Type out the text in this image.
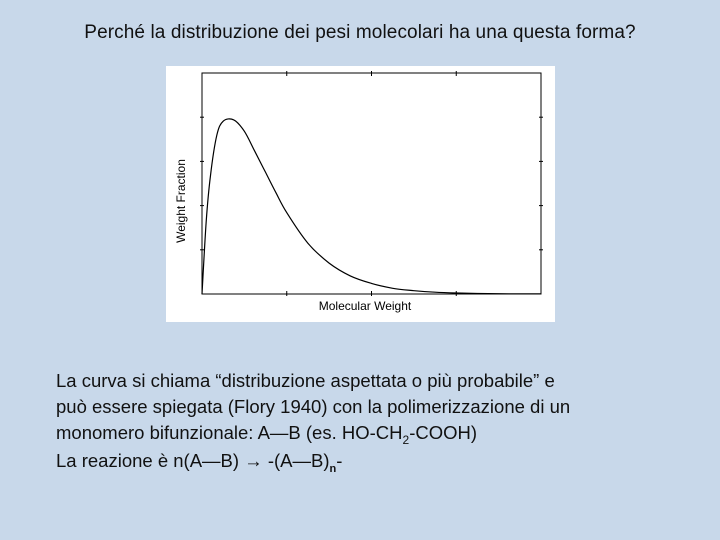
Perché la distribuzione dei pesi molecolari ha una questa forma?
Molecular Weight
Weight Fraction

La curva si chiama “distribuzione aspettata o più probabile” e

può essere spiegata (Flory 1940) con la polimerizzazione di un

monomero bifunzionale: A—B (es. $HO-CH_2-COOH$)

La reazione è n(A—B) → $-(A—B)_n-$
